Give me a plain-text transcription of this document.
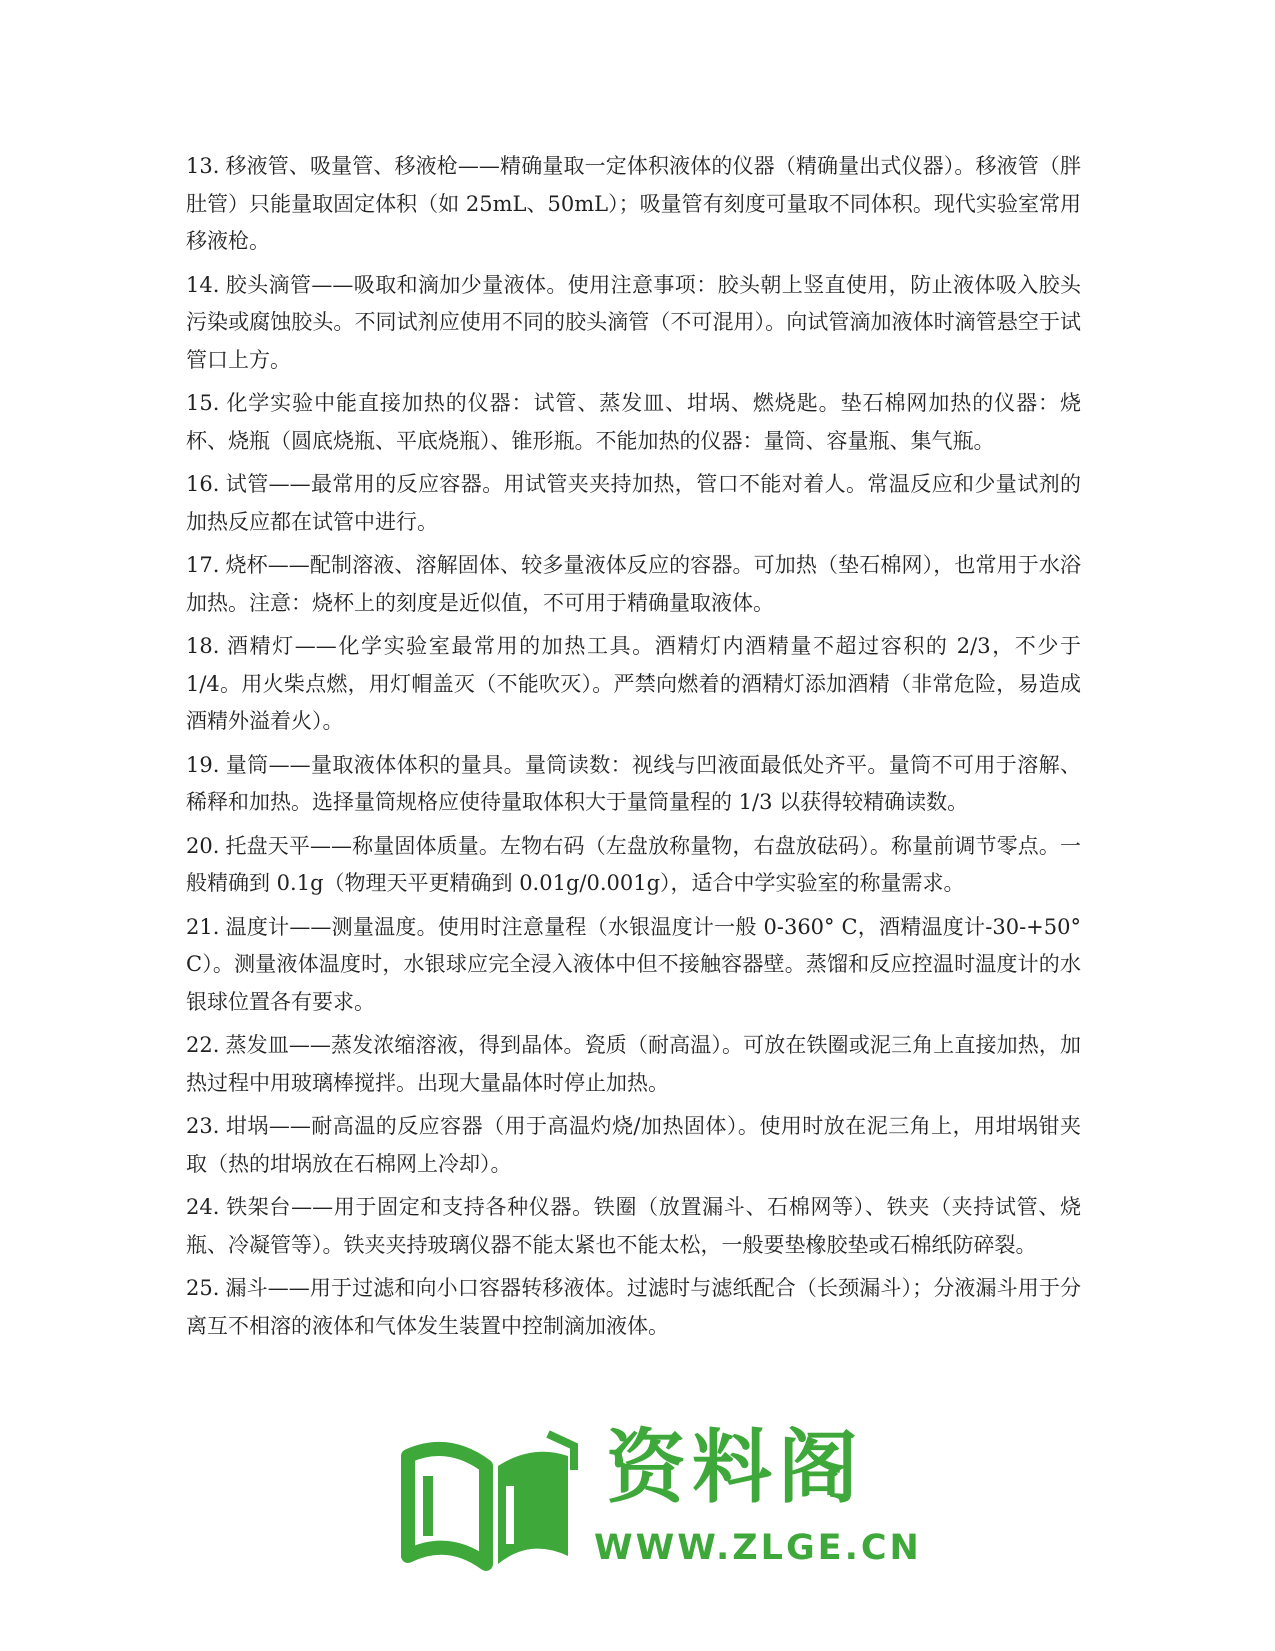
13. 移液管、吸量管、移液枪——精确量取一定体积液体的仪器（精确量出式仪器）。移液管（胖肚管）只能量取固定体积（如 25mL、50mL）；吸量管有刻度可量取不同体积。现代实验室常用移液枪。

14. 胶头滴管——吸取和滴加少量液体。使用注意事项：胶头朝上竖直使用，防止液体吸入胶头污染或腐蚀胶头。不同试剂应使用不同的胶头滴管（不可混用）。向试管滴加液体时滴管悬空于试管口上方。

15. 化学实验中能直接加热的仪器：试管、蒸发皿、坩埚、燃烧匙。垫石棉网加热的仪器：烧杯、烧瓶（圆底烧瓶、平底烧瓶）、锥形瓶。不能加热的仪器：量筒、容量瓶、集气瓶。

16. 试管——最常用的反应容器。用试管夹夹持加热，管口不能对着人。常温反应和少量试剂的加热反应都在试管中进行。

17. 烧杯——配制溶液、溶解固体、较多量液体反应的容器。可加热（垫石棉网），也常用于水浴加热。注意：烧杯上的刻度是近似值，不可用于精确量取液体。

18. 酒精灯——化学实验室最常用的加热工具。酒精灯内酒精量不超过容积的 2/3，不少于 1/4。用火柴点燃，用灯帽盖灭（不能吹灭）。严禁向燃着的酒精灯添加酒精（非常危险，易造成酒精外溢着火）。

19. 量筒——量取液体体积的量具。量筒读数：视线与凹液面最低处齐平。量筒不可用于溶解、稀释和加热。选择量筒规格应使待量取体积大于量筒量程的 1/3 以获得较精确读数。

20. 托盘天平——称量固体质量。左物右码（左盘放称量物，右盘放砝码）。称量前调节零点。一般精确到 0.1g（物理天平更精确到 0.01g/0.001g），适合中学实验室的称量需求。

21. 温度计——测量温度。使用时注意量程（水银温度计一般 0-360° C，酒精温度计-30-+50° C）。测量液体温度时，水银球应完全浸入液体中但不接触容器壁。蒸馏和反应控温时温度计的水银球位置各有要求。

22. 蒸发皿——蒸发浓缩溶液，得到晶体。瓷质（耐高温）。可放在铁圈或泥三角上直接加热，加热过程中用玻璃棒搅拌。出现大量晶体时停止加热。

23. 坩埚——耐高温的反应容器（用于高温灼烧/加热固体）。使用时放在泥三角上，用坩埚钳夹取（热的坩埚放在石棉网上冷却）。

24. 铁架台——用于固定和支持各种仪器。铁圈（放置漏斗、石棉网等）、铁夹（夹持试管、烧瓶、冷凝管等）。铁夹夹持玻璃仪器不能太紧也不能太松，一般要垫橡胶垫或石棉纸防碎裂。

25. 漏斗——用于过滤和向小口容器转移液体。过滤时与滤纸配合（长颈漏斗）；分液漏斗用于分离互不相溶的液体和气体发生装置中控制滴加液体。

资料阁
WWW.ZLGE.CN
